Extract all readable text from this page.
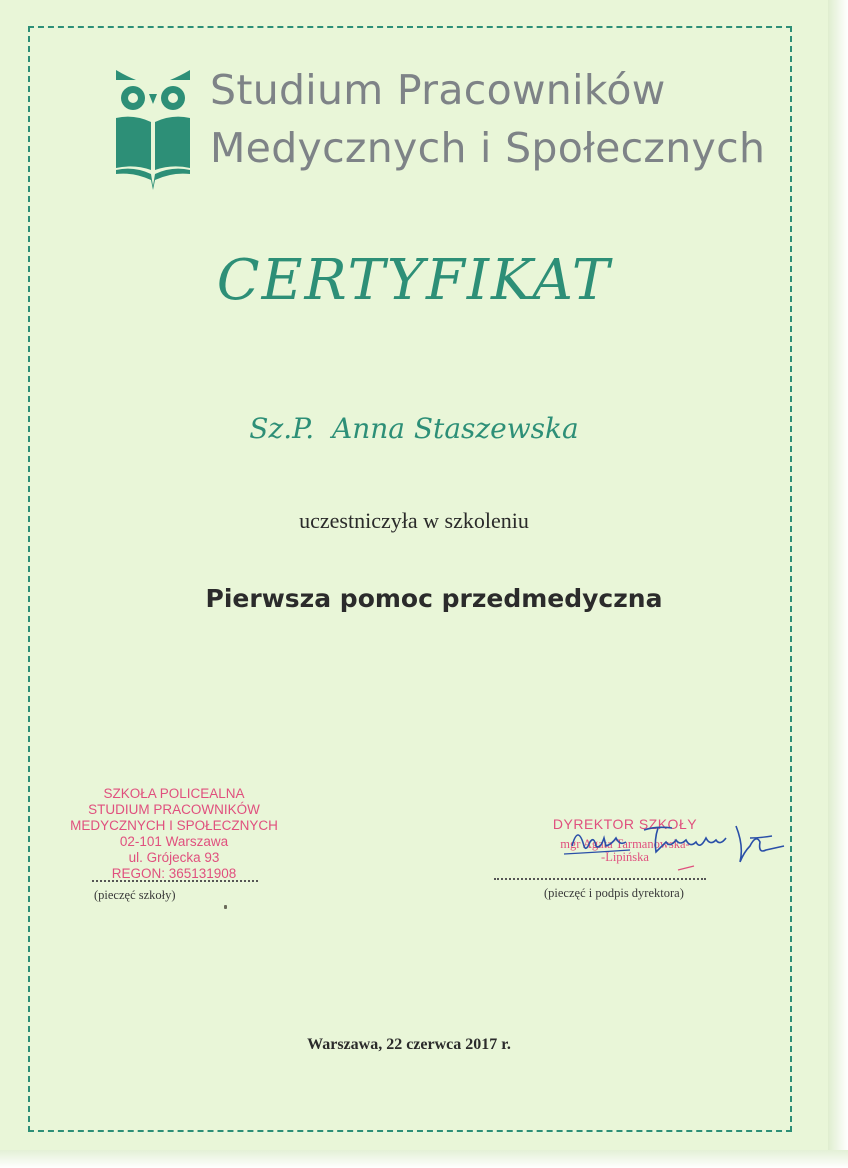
Studium Pracowników
Medycznych i Społecznych
CERTYFIKAT
Sz.P.  Anna Staszewska
uczestniczyła w szkoleniu
Pierwsza pomoc przedmedyczna
SZKOŁA POLICEALNA
STUDIUM PRACOWNIKÓW
MEDYCZNYCH I SPOŁECZNYCH
02-101 Warszawa
ul. Grójecka 93
REGON: 365131908
(pieczęć szkoły)
DYREKTOR SZKOŁY
mgr Agata Tarmanowska-
-Lipińska
(pieczęć i podpis dyrektora)
Warszawa, 22 czerwca 2017 r.
